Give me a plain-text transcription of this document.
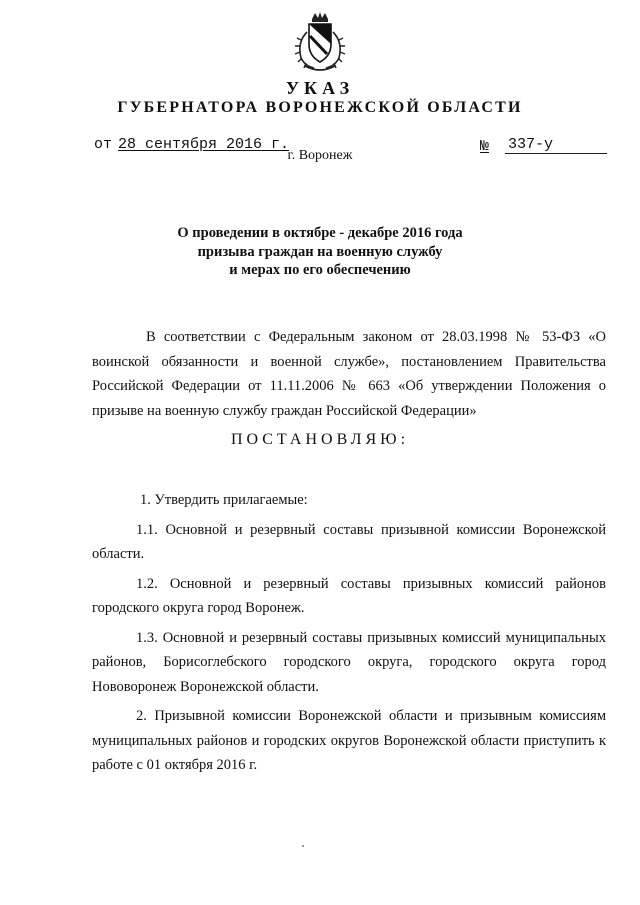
УКАЗ
ГУБЕРНАТОРА ВОРОНЕЖСКОЙ ОБЛАСТИ
от 28 сентября 2016 г.	№ 337-у
г. Воронеж
О проведении в октябре - декабре 2016 года
призыва граждан на военную службу
и мерах по его обеспечению

В соответствии с Федеральным законом от 28.03.1998 № 53-ФЗ «О воинской обязанности и военной службе», постановлением Правительства Российской Федерации от 11.11.2006 № 663 «Об утверждении Положения о призыве на военную службу граждан Российской Федерации»

ПОСТАНОВЛЯЮ:

1. Утвердить прилагаемые:

1.1. Основной и резервный составы призывной комиссии Воронежской области.

1.2. Основной и резервный составы призывных комиссий районов городского округа город Воронеж.

1.3. Основной и резервный составы призывных комиссий муниципальных районов, Борисоглебского городского округа, городского округа город Нововоронеж Воронежской области.

2. Призывной комиссии Воронежской области и призывным комиссиям муниципальных районов и городских округов Воронежской области приступить к работе с 01 октября 2016 г.
